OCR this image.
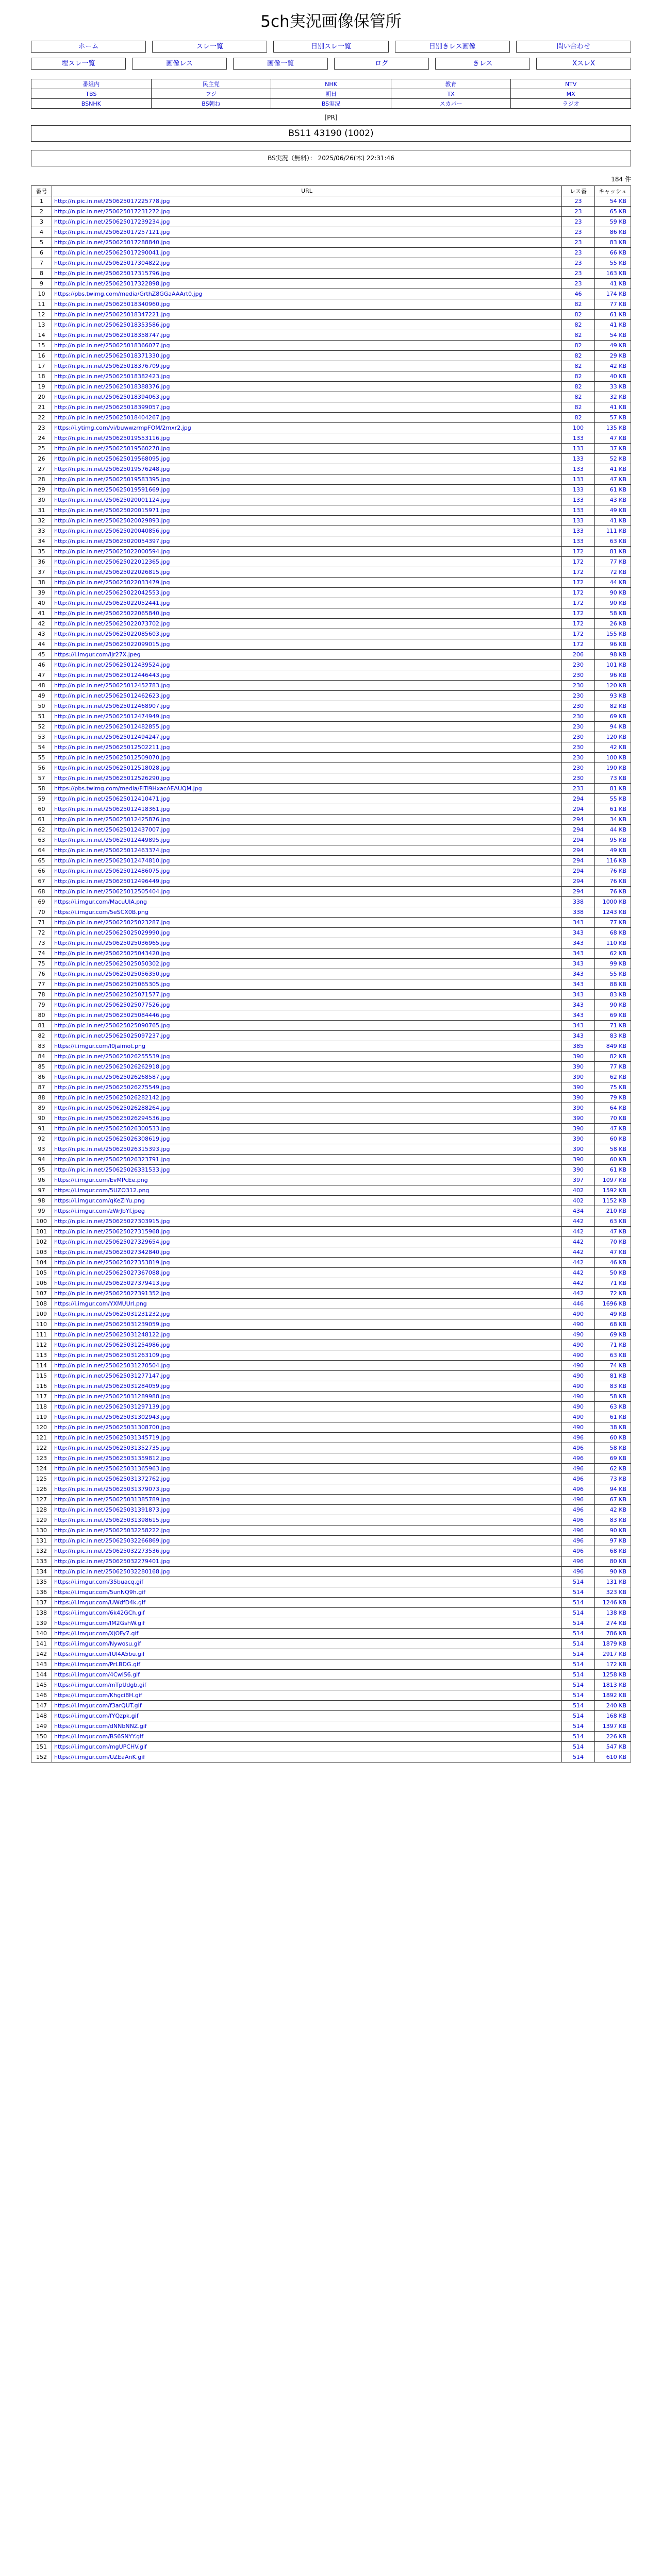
5ch実況画像保管所
ホーム	スレ一覧	日別スレ一覧	日別きレス画像	問い合わせ
埋スレ一覧	画像レス	画像一覧	ログ	きレス	XスレX
番組内	民主党	NHK	教育	NTV
TBS	フジ	朝日	TX	MX
BSNHK	BS朝ね	BS実況	スカパー	ラジオ
[PR]
BS11 43190 (1002)
BS実況（無料）： 2025/06/26(木) 22:31:46
184 件
番号	URL	レス番	キャッシュ
1	http://n.pic.in.net/250625017225778.jpg	23	54 KB
2	http://n.pic.in.net/250625017231272.jpg	23	65 KB
3	http://n.pic.in.net/250625017239234.jpg	23	59 KB
4	http://n.pic.in.net/250625017257121.jpg	23	86 KB
5	http://n.pic.in.net/250625017288840.jpg	23	83 KB
6	http://n.pic.in.net/250625017290041.jpg	23	66 KB
7	http://n.pic.in.net/250625017304822.jpg	23	55 KB
8	http://n.pic.in.net/250625017315796.jpg	23	163 KB
9	http://n.pic.in.net/250625017322898.jpg	23	41 KB
10	https://pbs.twimg.com/media/GrthZ8GGaAAArt0.jpg	46	174 KB
11	http://n.pic.in.net/250625018340960.jpg	82	77 KB
12	http://n.pic.in.net/250625018347221.jpg	82	61 KB
13	http://n.pic.in.net/250625018353586.jpg	82	41 KB
14	http://n.pic.in.net/250625018358747.jpg	82	54 KB
15	http://n.pic.in.net/250625018366077.jpg	82	49 KB
16	http://n.pic.in.net/250625018371330.jpg	82	29 KB
17	http://n.pic.in.net/250625018376709.jpg	82	42 KB
18	http://n.pic.in.net/250625018382423.jpg	82	40 KB
19	http://n.pic.in.net/250625018388376.jpg	82	33 KB
20	http://n.pic.in.net/250625018394063.jpg	82	32 KB
21	http://n.pic.in.net/250625018399057.jpg	82	41 KB
22	http://n.pic.in.net/250625018404267.jpg	82	57 KB
23	https://i.ytimg.com/vi/buwwzrmpFOM/2mxr2.jpg	100	135 KB
24	http://n.pic.in.net/250625019553116.jpg	133	47 KB
25	http://n.pic.in.net/250625019560278.jpg	133	37 KB
26	http://n.pic.in.net/250625019568095.jpg	133	52 KB
27	http://n.pic.in.net/250625019576248.jpg	133	41 KB
28	http://n.pic.in.net/250625019583395.jpg	133	47 KB
29	http://n.pic.in.net/250625019591669.jpg	133	61 KB
30	http://n.pic.in.net/250625020001124.jpg	133	43 KB
31	http://n.pic.in.net/250625020015971.jpg	133	49 KB
32	http://n.pic.in.net/250625020029893.jpg	133	41 KB
33	http://n.pic.in.net/250625020040856.jpg	133	111 KB
34	http://n.pic.in.net/250625020054397.jpg	133	63 KB
35	http://n.pic.in.net/250625022000594.jpg	172	81 KB
36	http://n.pic.in.net/250625022012365.jpg	172	77 KB
37	http://n.pic.in.net/250625022026815.jpg	172	72 KB
38	http://n.pic.in.net/250625022033479.jpg	172	44 KB
39	http://n.pic.in.net/250625022042553.jpg	172	90 KB
40	http://n.pic.in.net/250625022052441.jpg	172	90 KB
41	http://n.pic.in.net/250625022065840.jpg	172	58 KB
42	http://n.pic.in.net/250625022073702.jpg	172	26 KB
43	http://n.pic.in.net/250625022085603.jpg	172	155 KB
44	http://n.pic.in.net/250625022099015.jpg	172	96 KB
45	https://i.imgur.com/lJr27X.jpeg	206	98 KB
46	http://n.pic.in.net/250625012439524.jpg	230	101 KB
47	http://n.pic.in.net/250625012446443.jpg	230	96 KB
48	http://n.pic.in.net/250625012452783.jpg	230	120 KB
49	http://n.pic.in.net/250625012462623.jpg	230	93 KB
50	http://n.pic.in.net/250625012468907.jpg	230	82 KB
51	http://n.pic.in.net/250625012474949.jpg	230	69 KB
52	http://n.pic.in.net/250625012482855.jpg	230	94 KB
53	http://n.pic.in.net/250625012494247.jpg	230	120 KB
54	http://n.pic.in.net/250625012502211.jpg	230	42 KB
55	http://n.pic.in.net/250625012509070.jpg	230	100 KB
56	http://n.pic.in.net/250625012518028.jpg	230	190 KB
57	http://n.pic.in.net/250625012526290.jpg	230	73 KB
58	https://pbs.twimg.com/media/FiTi9HxacAEAUQM.jpg	233	81 KB
59	http://n.pic.in.net/250625012410471.jpg	294	55 KB
60	http://n.pic.in.net/250625012418361.jpg	294	61 KB
61	http://n.pic.in.net/250625012425876.jpg	294	34 KB
62	http://n.pic.in.net/250625012437007.jpg	294	44 KB
63	http://n.pic.in.net/250625012449895.jpg	294	95 KB
64	http://n.pic.in.net/250625012463374.jpg	294	49 KB
65	http://n.pic.in.net/250625012474810.jpg	294	116 KB
66	http://n.pic.in.net/250625012486075.jpg	294	76 KB
67	http://n.pic.in.net/250625012496449.jpg	294	76 KB
68	http://n.pic.in.net/250625012505404.jpg	294	76 KB
69	https://i.imgur.com/MacuUlA.png	338	1000 KB
70	https://i.imgur.com/5eSCX0B.png	338	1243 KB
71	http://n.pic.in.net/250625025023287.jpg	343	77 KB
72	http://n.pic.in.net/250625025029990.jpg	343	68 KB
73	http://n.pic.in.net/250625025036965.jpg	343	110 KB
74	http://n.pic.in.net/250625025043420.jpg	343	62 KB
75	http://n.pic.in.net/250625025050302.jpg	343	99 KB
76	http://n.pic.in.net/250625025056350.jpg	343	55 KB
77	http://n.pic.in.net/250625025065305.jpg	343	88 KB
78	http://n.pic.in.net/250625025071577.jpg	343	83 KB
79	http://n.pic.in.net/250625025077526.jpg	343	90 KB
80	http://n.pic.in.net/250625025084446.jpg	343	69 KB
81	http://n.pic.in.net/250625025090765.jpg	343	71 KB
82	http://n.pic.in.net/250625025097237.jpg	343	83 KB
83	https://i.imgur.com/l0jaimot.png	385	849 KB
84	http://n.pic.in.net/250625026255539.jpg	390	82 KB
85	http://n.pic.in.net/250625026262918.jpg	390	77 KB
86	http://n.pic.in.net/250625026268587.jpg	390	62 KB
87	http://n.pic.in.net/250625026275549.jpg	390	75 KB
88	http://n.pic.in.net/250625026282142.jpg	390	79 KB
89	http://n.pic.in.net/250625026288264.jpg	390	64 KB
90	http://n.pic.in.net/250625026294536.jpg	390	70 KB
91	http://n.pic.in.net/250625026300533.jpg	390	47 KB
92	http://n.pic.in.net/250625026308619.jpg	390	60 KB
93	http://n.pic.in.net/250625026315393.jpg	390	58 KB
94	http://n.pic.in.net/250625026323791.jpg	390	60 KB
95	http://n.pic.in.net/250625026331533.jpg	390	61 KB
96	https://i.imgur.com/EvMPcEe.png	397	1097 KB
97	https://i.imgur.com/5UZO312.png	402	1592 KB
98	https://i.imgur.com/qKeZiYu.png	402	1152 KB
99	https://i.imgur.com/zWrJbYf.jpeg	434	210 KB
100	http://n.pic.in.net/250625027303915.jpg	442	63 KB
101	http://n.pic.in.net/250625027315968.jpg	442	47 KB
102	http://n.pic.in.net/250625027329654.jpg	442	70 KB
103	http://n.pic.in.net/250625027342840.jpg	442	47 KB
104	http://n.pic.in.net/250625027353819.jpg	442	46 KB
105	http://n.pic.in.net/250625027367088.jpg	442	50 KB
106	http://n.pic.in.net/250625027379413.jpg	442	71 KB
107	http://n.pic.in.net/250625027391352.jpg	442	72 KB
108	https://i.imgur.com/YXMUUrl.png	446	1696 KB
109	http://n.pic.in.net/250625031231232.jpg	490	49 KB
110	http://n.pic.in.net/250625031239059.jpg	490	68 KB
111	http://n.pic.in.net/250625031248122.jpg	490	69 KB
112	http://n.pic.in.net/250625031254986.jpg	490	71 KB
113	http://n.pic.in.net/250625031263109.jpg	490	63 KB
114	http://n.pic.in.net/250625031270504.jpg	490	74 KB
115	http://n.pic.in.net/250625031277147.jpg	490	81 KB
116	http://n.pic.in.net/250625031284059.jpg	490	83 KB
117	http://n.pic.in.net/250625031289988.jpg	490	58 KB
118	http://n.pic.in.net/250625031297139.jpg	490	63 KB
119	http://n.pic.in.net/250625031302943.jpg	490	61 KB
120	http://n.pic.in.net/250625031308700.jpg	490	38 KB
121	http://n.pic.in.net/250625031345719.jpg	496	60 KB
122	http://n.pic.in.net/250625031352735.jpg	496	58 KB
123	http://n.pic.in.net/250625031359812.jpg	496	69 KB
124	http://n.pic.in.net/250625031365963.jpg	496	62 KB
125	http://n.pic.in.net/250625031372762.jpg	496	73 KB
126	http://n.pic.in.net/250625031379073.jpg	496	94 KB
127	http://n.pic.in.net/250625031385789.jpg	496	67 KB
128	http://n.pic.in.net/250625031391873.jpg	496	42 KB
129	http://n.pic.in.net/250625031398615.jpg	496	83 KB
130	http://n.pic.in.net/250625032258222.jpg	496	90 KB
131	http://n.pic.in.net/250625032266869.jpg	496	97 KB
132	http://n.pic.in.net/250625032273536.jpg	496	68 KB
133	http://n.pic.in.net/250625032279401.jpg	496	80 KB
134	http://n.pic.in.net/250625032280168.jpg	496	90 KB
135	https://i.imgur.com/35buacq.gif	514	131 KB
136	https://i.imgur.com/5unNQ9h.gif	514	323 KB
137	https://i.imgur.com/UWdfD4k.gif	514	1246 KB
138	https://i.imgur.com/6k42GCh.gif	514	138 KB
139	https://i.imgur.com/IM2GshW.gif	514	274 KB
140	https://i.imgur.com/XjOFy7.gif	514	786 KB
141	https://i.imgur.com/Nywosu.gif	514	1879 KB
142	https://i.imgur.com/fUl4A5bu.gif	514	2917 KB
143	https://i.imgur.com/PrLBDG.gif	514	172 KB
144	https://i.imgur.com/4CwiS6.gif	514	1258 KB
145	https://i.imgur.com/mTpUdgb.gif	514	1813 KB
146	https://i.imgur.com/Khgci8H.gif	514	1892 KB
147	https://i.imgur.com/f3arQUT.gif	514	240 KB
148	https://i.imgur.com/fYQzpk.gif	514	168 KB
149	https://i.imgur.com/dNNbNNZ.gif	514	1397 KB
150	https://i.imgur.com/BS6SNYY.gif	514	226 KB
151	https://i.imgur.com/mgUPCHV.gif	514	547 KB
152	https://i.imgur.com/UZEaAnK.gif	514	610 KB
